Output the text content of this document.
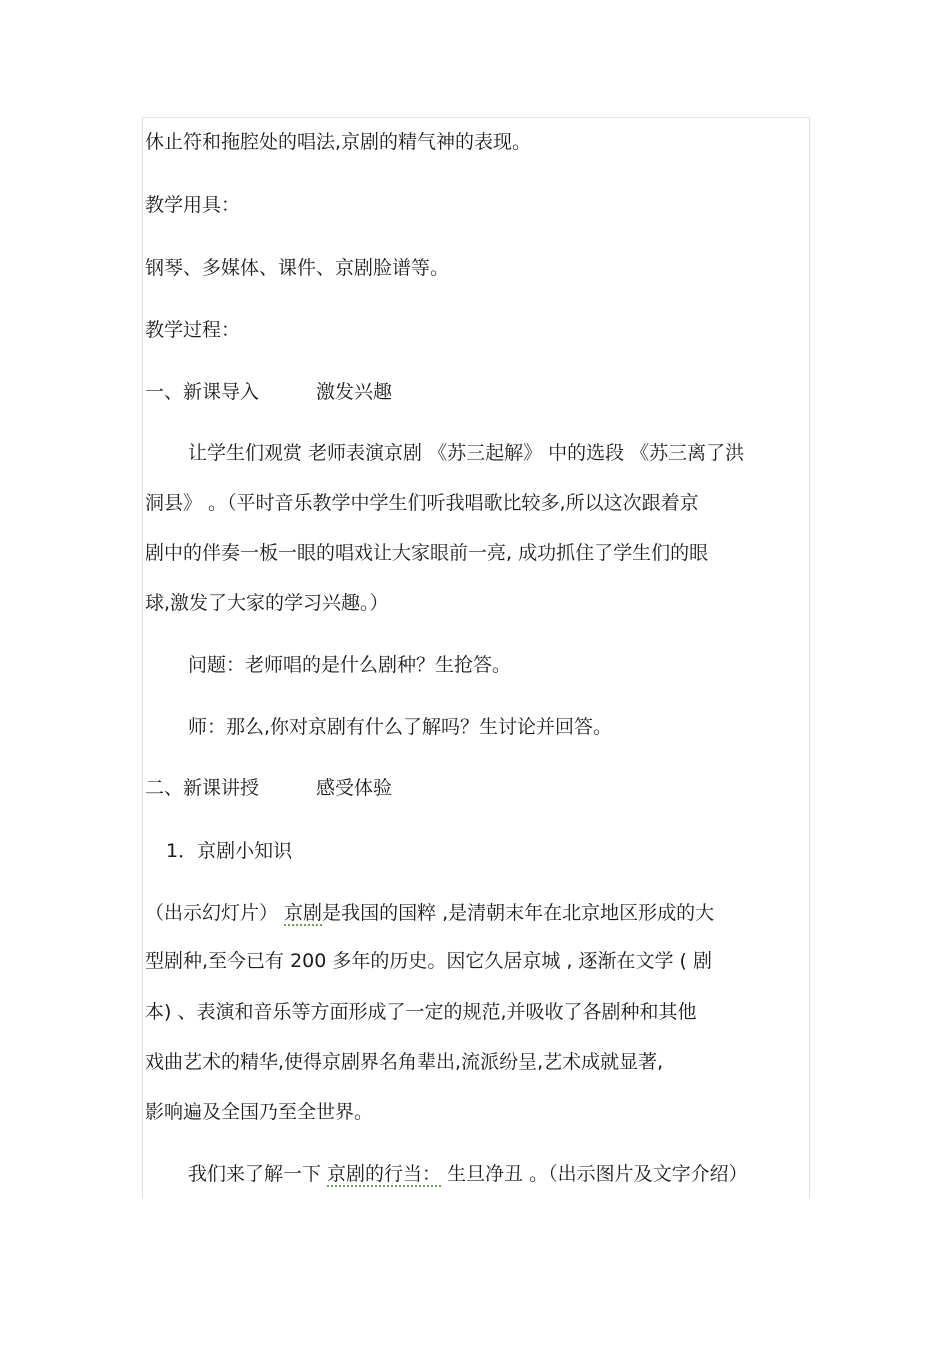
休止符和拖腔处的唱法,京剧的精气神的表现。
教学用具：
钢琴、多媒体、课件、京剧脸谱等。
教学过程：
一、新课导入　　　激发兴趣
让学生们观赏 老师表演京剧 《苏三起解》 中的选段 《苏三离了洪
洞县》 。（平时音乐教学中学生们听我唱歌比较多,所以这次跟着京
剧中的伴奏一板一眼的唱戏让大家眼前一亮, 成功抓住了学生们的眼
球,激发了大家的学习兴趣。）
问题：老师唱的是什么剧种？生抢答。
师：那么,你对京剧有什么了解吗？生讨论并回答。
二、新课讲授　　　感受体验
1．京剧小知识
（出示幻灯片） 京剧是我国的国粹 ,是清朝末年在北京地区形成的大
型剧种,至今已有 200 多年的历史。因它久居京城 , 逐渐在文学 ( 剧
本) 、表演和音乐等方面形成了一定的规范,并吸收了各剧种和其他
戏曲艺术的精华,使得京剧界名角辈出,流派纷呈,艺术成就显著,
影响遍及全国乃至全世界。
我们来了解一下 京剧的行当： 生旦净丑 。（出示图片及文字介绍）
